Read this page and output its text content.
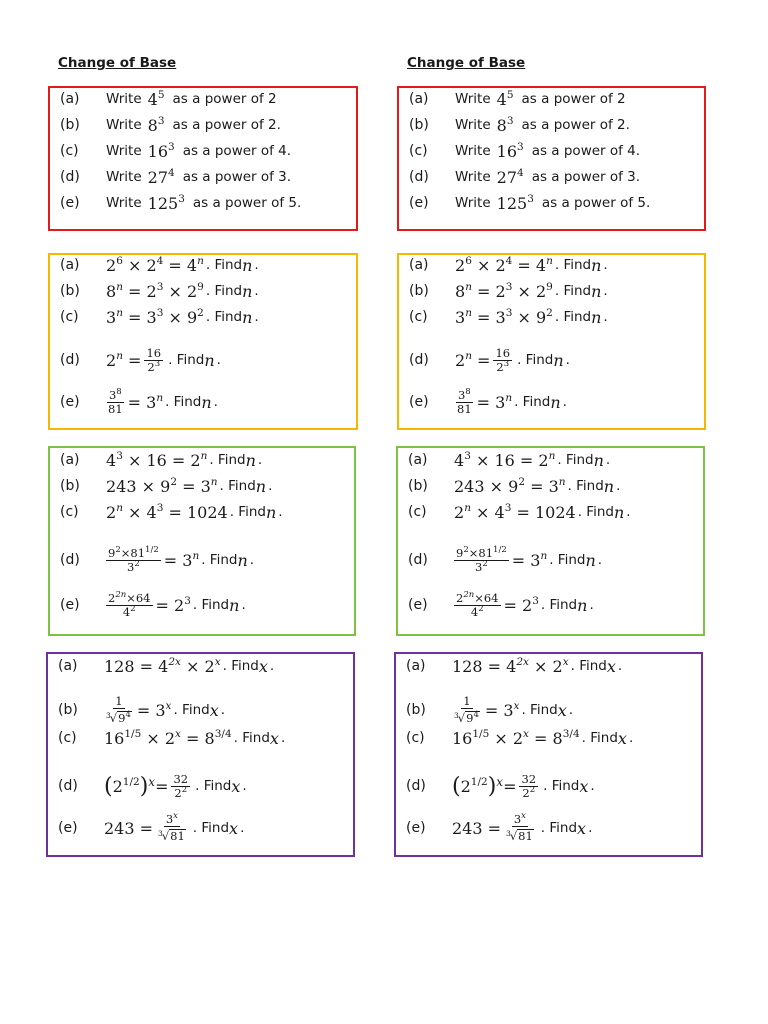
Change of Base
(a)	Write $4^5$ as a power of 2
(b)	Write $8^3$ as a power of 2.
(c)	Write $16^3$ as a power of 4.
(d)	Write $27^4$ as a power of 3.
(e)	Write $125^3$ as a power of 5.
(a)	$2^6 \times 2^4 = 4^n$ . Find n .
(b)	$8^n = 2^3 \times 2^9$ . Find n .
(c)	$3^n = 3^3 \times 9^2$ . Find n .
(d)	$2^n = \frac{16}{2^3}$ . Find n .
(e)	$\frac{3^8}{81} = 3^n$ . Find n .
(a)	$4^3 \times 16 = 2^n$ . Find n .
(b)	$243 \times 9^2 = 3^n$ . Find n .
(c)	$2^n \times 4^3 = 1024$ . Find n .
(d)	$\frac{9^2\times 81^{1/2}}{3^2} = 3^n$ . Find n .
(e)	$\frac{2^{2n}\times 64}{4^2} = 2^3$ . Find n .
(a)	$128 = 4^{2x} \times 2^x$ . Find x .
(b)	$\frac{1}{^3√9^4} = 3^x$ . Find x .
(c)	$16^{1/5} \times 2^x = 8^{3/4}$ . Find x .
(d)	( $2^{1/2}$ ) $x = \frac{32}{2^2}$ . Find x .
(e)	$243 = \frac{3^x}{^3√81}$ . Find x .
Change of Base
(a)	Write $4^5$ as a power of 2
(b)	Write $8^3$ as a power of 2.
(c)	Write $16^3$ as a power of 4.
(d)	Write $27^4$ as a power of 3.
(e)	Write $125^3$ as a power of 5.
(a)	$2^6 \times 2^4 = 4^n$ . Find n .
(b)	$8^n = 2^3 \times 2^9$ . Find n .
(c)	$3^n = 3^3 \times 9^2$ . Find n .
(d)	$2^n = \frac{16}{2^3}$ . Find n .
(e)	$\frac{3^8}{81} = 3^n$ . Find n .
(a)	$4^3 \times 16 = 2^n$ . Find n .
(b)	$243 \times 9^2 = 3^n$ . Find n .
(c)	$2^n \times 4^3 = 1024$ . Find n .
(d)	$\frac{9^2\times 81^{1/2}}{3^2} = 3^n$ . Find n .
(e)	$\frac{2^{2n}\times 64}{4^2} = 2^3$ . Find n .
(a)	$128 = 4^{2x} \times 2^x$ . Find x .
(b)	$\frac{1}{^3√9^4} = 3^x$ . Find x .
(c)	$16^{1/5} \times 2^x = 8^{3/4}$ . Find x .
(d)	( $2^{1/2}$ ) $x = \frac{32}{2^2}$ . Find x .
(e)	$243 = \frac{3^x}{^3√81}$ . Find x .
